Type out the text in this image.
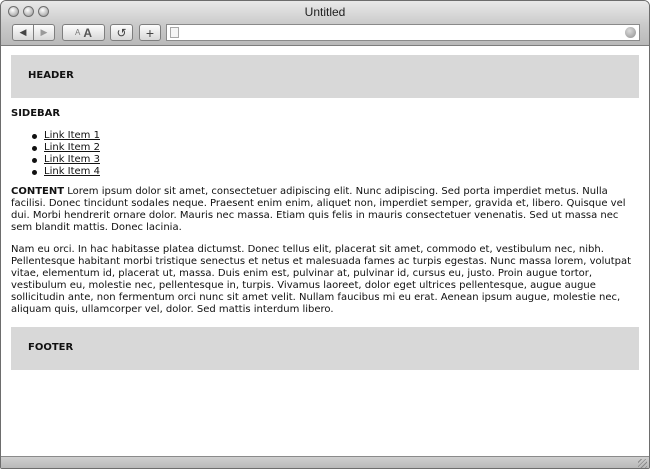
Untitled
◀ ▶	A A ↺ +
HEADER
SIDEBAR
Link Item 1
Link Item 2
Link Item 3
Link Item 4

CONTENT Lorem ipsum dolor sit amet, consectetuer adipiscing elit. Nunc adipiscing. Sed porta imperdiet metus. Nulla facilisi. Donec tincidunt sodales neque. Praesent enim enim, aliquet non, imperdiet semper, gravida et, libero. Quisque vel dui. Morbi hendrerit ornare dolor. Mauris nec massa. Etiam quis felis in mauris consectetuer venenatis. Sed ut massa nec sem blandit mattis. Donec lacinia.

Nam eu orci. In hac habitasse platea dictumst. Donec tellus elit, placerat sit amet, commodo et, vestibulum nec, nibh. Pellentesque habitant morbi tristique senectus et netus et malesuada fames ac turpis egestas. Nunc massa lorem, volutpat vitae, elementum id, placerat ut, massa. Duis enim est, pulvinar at, pulvinar id, cursus eu, justo. Proin augue tortor, vestibulum eu, molestie nec, pellentesque in, turpis. Vivamus laoreet, dolor eget ultrices pellentesque, augue augue sollicitudin ante, non fermentum orci nunc sit amet velit. Nullam faucibus mi eu erat. Aenean ipsum augue, molestie nec, aliquam quis, ullamcorper vel, dolor. Sed mattis interdum libero.

FOOTER
